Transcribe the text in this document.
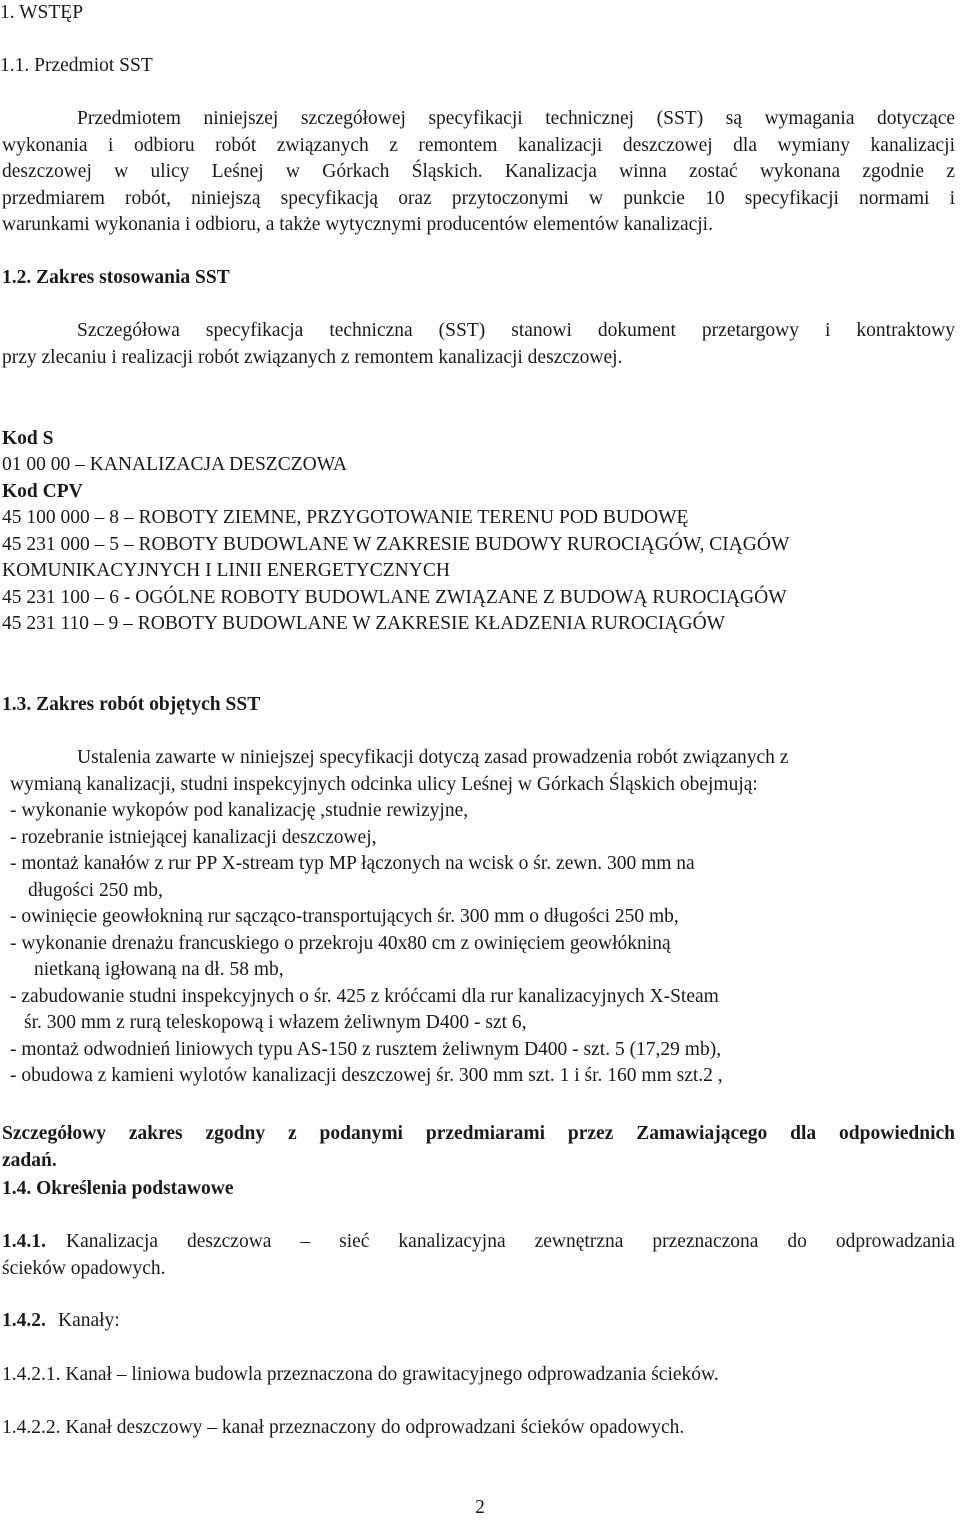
1. WSTĘP
1.1. Przedmiot SST
Przedmiotem niniejszej szczegółowej specyfikacji technicznej (SST) są wymagania dotyczące
wykonania i odbioru robót związanych z remontem kanalizacji deszczowej dla wymiany kanalizacji
deszczowej w ulicy Leśnej w Górkach Śląskich. Kanalizacja winna zostać wykonana zgodnie z
przedmiarem robót, niniejszą specyfikacją oraz przytoczonymi w punkcie 10 specyfikacji normami i
warunkami wykonania i odbioru, a także wytycznymi producentów elementów kanalizacji.
1.2. Zakres stosowania SST
Szczegółowa specyfikacja techniczna (SST) stanowi dokument przetargowy i kontraktowy
przy zlecaniu i realizacji robót związanych z remontem kanalizacji deszczowej.
Kod S
01 00 00 – KANALIZACJA DESZCZOWA
Kod CPV
45 100 000 – 8 – ROBOTY ZIEMNE, PRZYGOTOWANIE TERENU POD BUDOWĘ
45 231 000 – 5 – ROBOTY BUDOWLANE W ZAKRESIE BUDOWY RUROCIĄGÓW, CIĄGÓW
KOMUNIKACYJNYCH I LINII ENERGETYCZNYCH
45 231 100 – 6 - OGÓLNE ROBOTY BUDOWLANE ZWIĄZANE Z BUDOWĄ RUROCIĄGÓW
45 231 110 – 9 – ROBOTY BUDOWLANE W ZAKRESIE KŁADZENIA RUROCIĄGÓW
1.3. Zakres robót objętych SST
Ustalenia zawarte w niniejszej specyfikacji dotyczą zasad prowadzenia robót związanych z
wymianą kanalizacji, studni inspekcyjnych odcinka ulicy Leśnej w Górkach Śląskich obejmują:
- wykonanie wykopów pod kanalizację ,studnie rewizyjne,
- rozebranie istniejącej kanalizacji deszczowej,
- montaż kanałów z rur PP X-stream typ MP łączonych na wcisk o śr. zewn. 300 mm na
długości 250 mb,
- owinięcie geowłokniną rur sącząco-transportujących śr. 300 mm o długości 250 mb,
- wykonanie drenażu francuskiego o przekroju 40x80 cm z owinięciem geowłókniną
nietkaną igłowaną na dł. 58 mb,
- zabudowanie studni inspekcyjnych o śr. 425 z króćcami dla rur kanalizacyjnych X-Steam
śr. 300 mm z rurą teleskopową i włazem żeliwnym D400 - szt 6,
- montaż odwodnień liniowych typu AS-150 z rusztem żeliwnym D400 - szt. 5 (17,29 mb),
- obudowa z kamieni wylotów kanalizacji deszczowej śr. 300 mm szt. 1 i śr. 160 mm szt.2 ,
Szczegółowy zakres zgodny z podanymi przedmiarami przez Zamawiającego dla odpowiednich
zadań.
1.4. Określenia podstawowe
1.4.1. Kanalizacja deszczowa – sieć kanalizacyjna zewnętrzna przeznaczona do odprowadzania
ścieków opadowych.
1.4.2. Kanały:
1.4.2.1. Kanał – liniowa budowla przeznaczona do grawitacyjnego odprowadzania ścieków.
1.4.2.2. Kanał deszczowy – kanał przeznaczony do odprowadzani ścieków opadowych.
2
